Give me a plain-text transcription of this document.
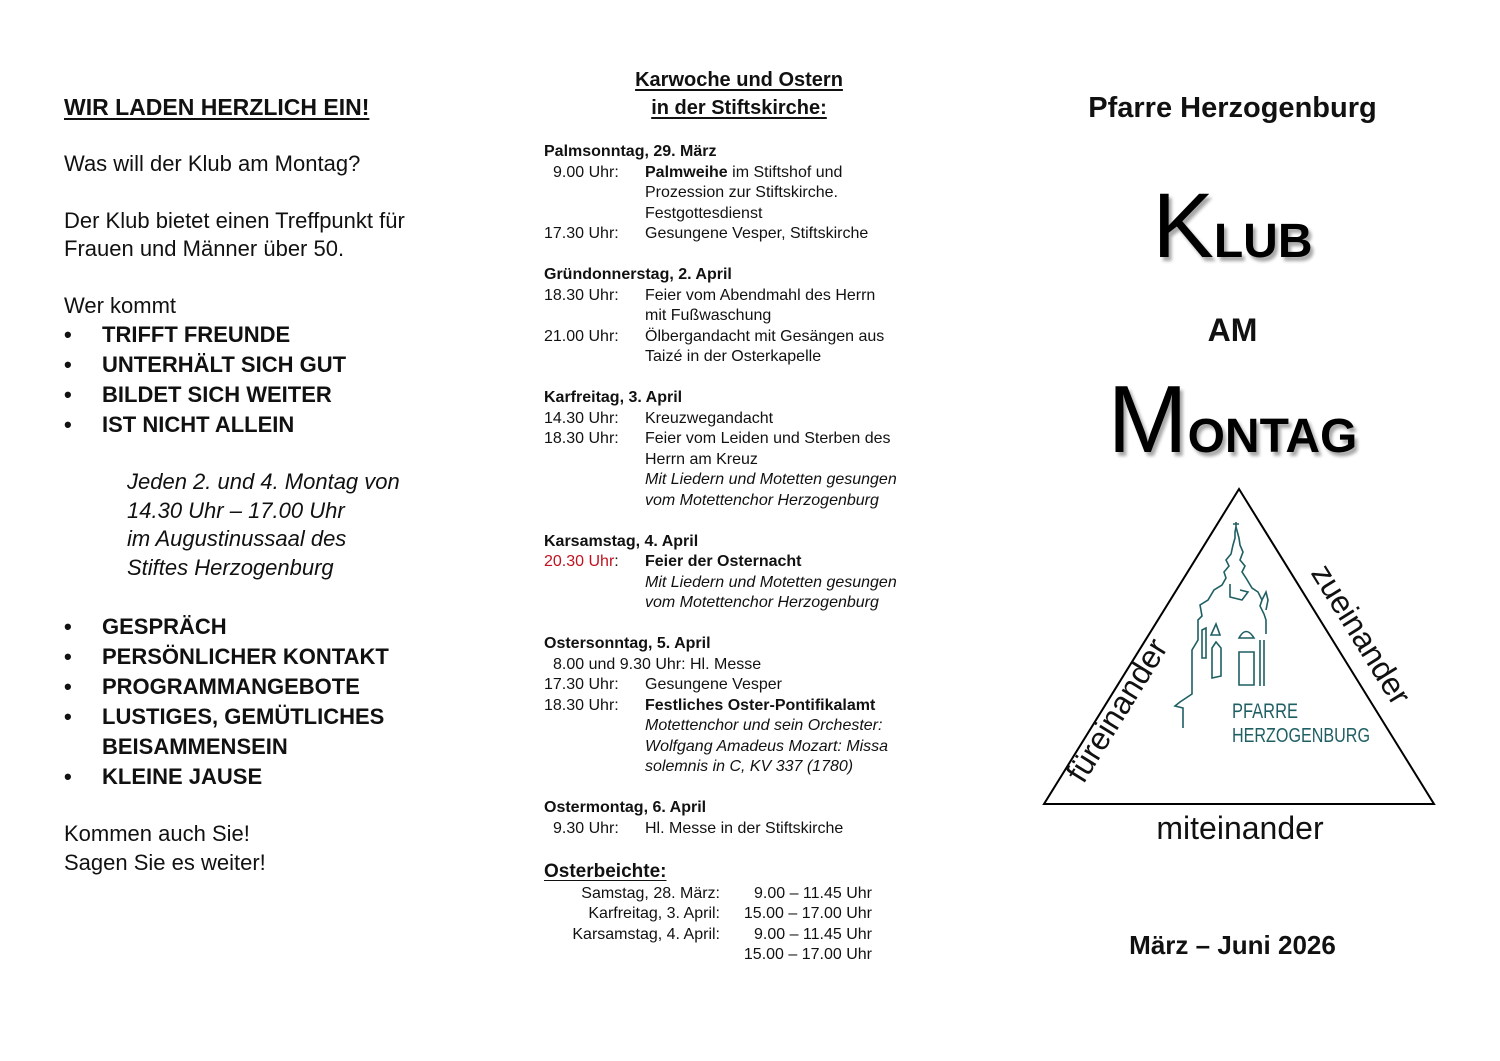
WIR LADEN HERZLICH EIN!

Was will der Klub am Montag?

Der Klub bietet einen Treffpunkt für

Frauen und Männer über 50.

Wer kommt

• TRIFFT FREUNDE
• UNTERHÄLT SICH GUT
• BILDET SICH WEITER
• IST NICHT ALLEIN

Jeden 2. und 4. Montag von

14.30 Uhr – 17.00 Uhr

im Augustinussaal des

Stiftes Herzogenburg

• GESPRÄCH
• PERSÖNLICHER KONTAKT
• PROGRAMMANGEBOTE
• LUSTIGES, GEMÜTLICHES
BEISAMMENSEIN
• KLEINE JAUSE

Kommen auch Sie!

Sagen Sie es weiter!

Karwoche und Ostern

in der Stiftskirche:

Palmsonntag, 29. März

9.00 Uhr:	Palmweihe im Stiftshof und
Prozession zur Stiftskirche.
Festgottesdienst
17.30 Uhr:	Gesungene Vesper, Stiftskirche

Gründonnerstag, 2. April

18.30 Uhr:	Feier vom Abendmahl des Herrn
mit Fußwaschung
21.00 Uhr:	Ölbergandacht mit Gesängen aus
Taizé in der Osterkapelle

Karfreitag, 3. April

14.30 Uhr:	Kreuzwegandacht
18.30 Uhr:	Feier vom Leiden und Sterben des
Herrn am Kreuz
Mit Liedern und Motetten gesungen
vom Motettenchor Herzogenburg

Karsamstag, 4. April

20.30 Uhr:	Feier der Osternacht
Mit Liedern und Motetten gesungen
vom Motettenchor Herzogenburg

Ostersonntag, 5. April

8.00 und 9.30 Uhr: Hl. Messe
17.30 Uhr:	Gesungene Vesper
18.30 Uhr:	Festliches Oster-Pontifikalamt
Motettenchor und sein Orchester:
Wolfgang Amadeus Mozart: Missa
solemnis in C, KV 337 (1780)

Ostermontag, 6. April

9.30 Uhr:	Hl. Messe in der Stiftskirche

Osterbeichte:

Samstag, 28. März:	9.00 – 11.45 Uhr
Karfreitag, 3. April:	15.00 – 17.00 Uhr
Karsamstag, 4. April:	9.00 – 11.45 Uhr
15.00 – 17.00 Uhr
Pfarre Herzogenburg
KLUB
AM
MONTAG
füreinander	zueinander
PFARRE
HERZOGENBURG
miteinander
März – Juni 2026
